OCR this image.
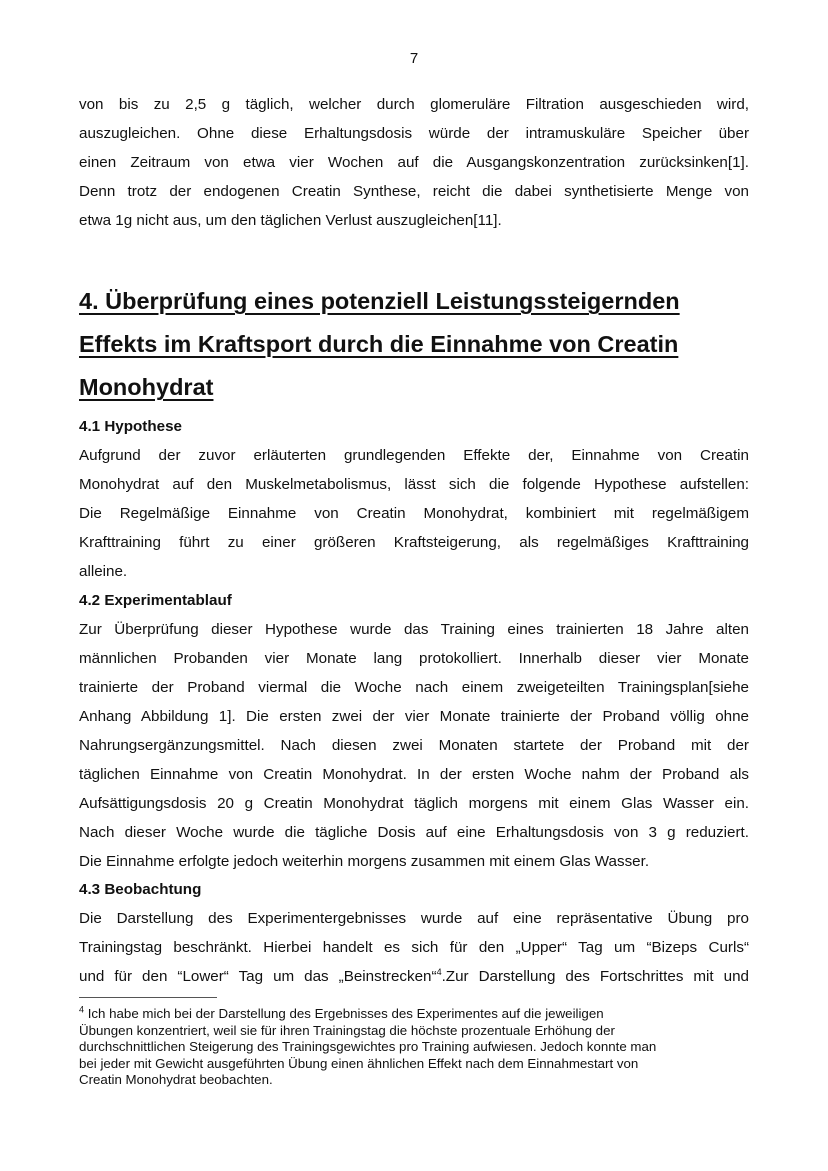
7
von bis zu 2,5 g täglich, welcher durch glomeruläre Filtration ausgeschieden wird,
auszugleichen. Ohne diese Erhaltungsdosis würde der intramuskuläre Speicher über
einen Zeitraum von etwa vier Wochen auf die Ausgangskonzentration zurücksinken[1].
Denn trotz der endogenen Creatin Synthese, reicht die dabei synthetisierte Menge von
etwa 1g nicht aus, um den täglichen Verlust auszugleichen[11].
4. Überprüfung eines potenziell Leistungssteigernden
Effekts im Kraftsport durch die Einnahme von Creatin
Monohydrat
4.1 Hypothese
Aufgrund der zuvor erläuterten grundlegenden Effekte der, Einnahme von Creatin
Monohydrat auf den Muskelmetabolismus, lässt sich die folgende Hypothese aufstellen:
Die Regelmäßige Einnahme von Creatin Monohydrat, kombiniert mit regelmäßigem
Krafttraining führt zu einer größeren Kraftsteigerung, als regelmäßiges Krafttraining
alleine.
4.2 Experimentablauf
Zur Überprüfung dieser Hypothese wurde das Training eines trainierten 18 Jahre alten
männlichen Probanden vier Monate lang protokolliert. Innerhalb dieser vier Monate
trainierte der Proband viermal die Woche nach einem zweigeteilten Trainingsplan[siehe
Anhang Abbildung 1]. Die ersten zwei der vier Monate trainierte der Proband völlig ohne
Nahrungsergänzungsmittel. Nach diesen zwei Monaten startete der Proband mit der
täglichen Einnahme von Creatin Monohydrat. In der ersten Woche nahm der Proband als
Aufsättigungsdosis 20 g Creatin Monohydrat täglich morgens mit einem Glas Wasser ein.
Nach dieser Woche wurde die tägliche Dosis auf eine Erhaltungsdosis von 3 g reduziert.
Die Einnahme erfolgte jedoch weiterhin morgens zusammen mit einem Glas Wasser.
4.3 Beobachtung
Die Darstellung des Experimentergebnisses wurde auf eine repräsentative Übung pro
Trainingstag beschränkt. Hierbei handelt es sich für den „Upper“ Tag um “Bizeps Curls“
und für den “Lower“ Tag um das „Beinstrecken“$^4$.Zur Darstellung des Fortschrittes mit und
$^4$ Ich habe mich bei der Darstellung des Ergebnisses des Experimentes auf die jeweiligen
Übungen konzentriert, weil sie für ihren Trainingstag die höchste prozentuale Erhöhung der
durchschnittlichen Steigerung des Trainingsgewichtes pro Training aufwiesen. Jedoch konnte man
bei jeder mit Gewicht ausgeführten Übung einen ähnlichen Effekt nach dem Einnahmestart von
Creatin Monohydrat beobachten.
